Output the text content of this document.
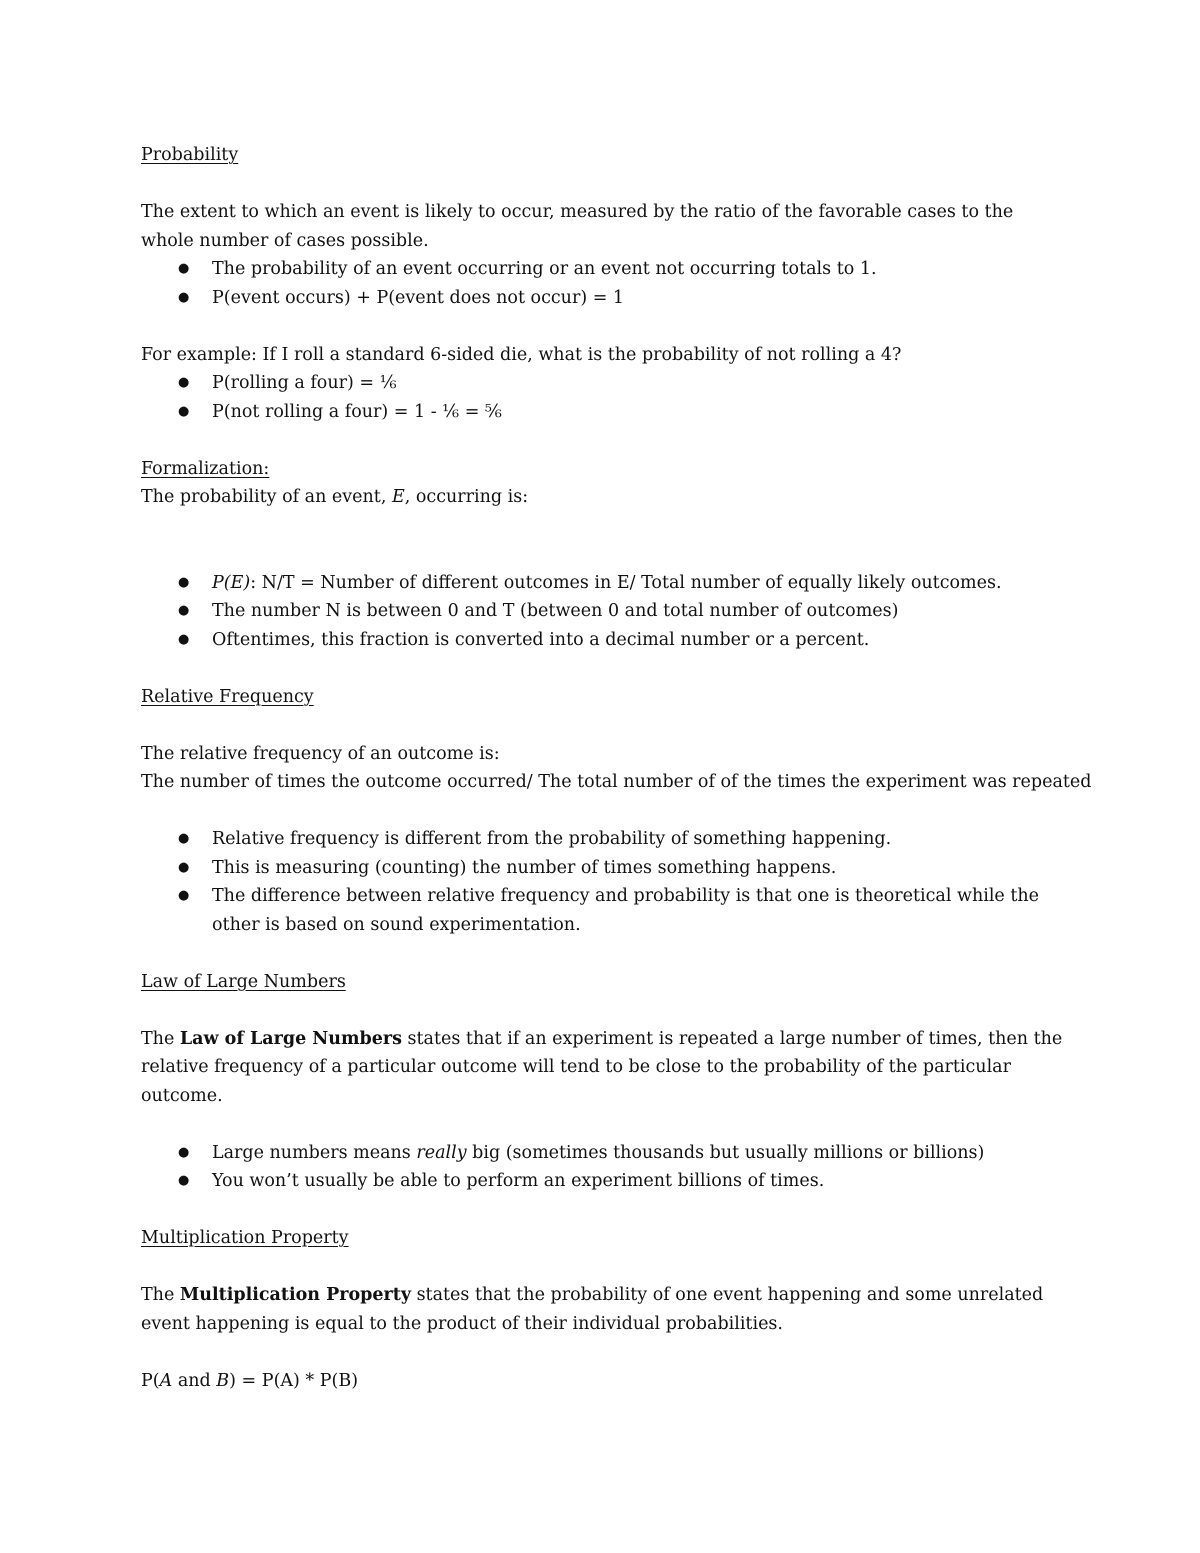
Probability

The extent to which an event is likely to occur, measured by the ratio of the favorable cases to the whole number of cases possible.

● The probability of an event occurring or an event not occurring totals to 1.
● P(event occurs) + P(event does not occur) = 1

For example: If I roll a standard 6-sided die, what is the probability of not rolling a 4?

● P(rolling a four) = ⅙
● P(not rolling a four) = 1 - ⅙ = ⅚

Formalization:

The probability of an event, E, occurring is:

● P(E): N/T = Number of different outcomes in E/ Total number of equally likely outcomes.
● The number N is between 0 and T (between 0 and total number of outcomes)
● Oftentimes, this fraction is converted into a decimal number or a percent.

Relative Frequency

The relative frequency of an outcome is:

The number of times the outcome occurred/ The total number of of the times the experiment was repeated

● Relative frequency is different from the probability of something happening.
● This is measuring (counting) the number of times something happens.
● The difference between relative frequency and probability is that one is theoretical while the other is based on sound experimentation.

Law of Large Numbers

The Law of Large Numbers states that if an experiment is repeated a large number of times, then the relative frequency of a particular outcome will tend to be close to the probability of the particular outcome.

● Large numbers means really big (sometimes thousands but usually millions or billions)
● You won’t usually be able to perform an experiment billions of times.

Multiplication Property

The Multiplication Property states that the probability of one event happening and some unrelated event happening is equal to the product of their individual probabilities.

P(A and B) = P(A) * P(B)
